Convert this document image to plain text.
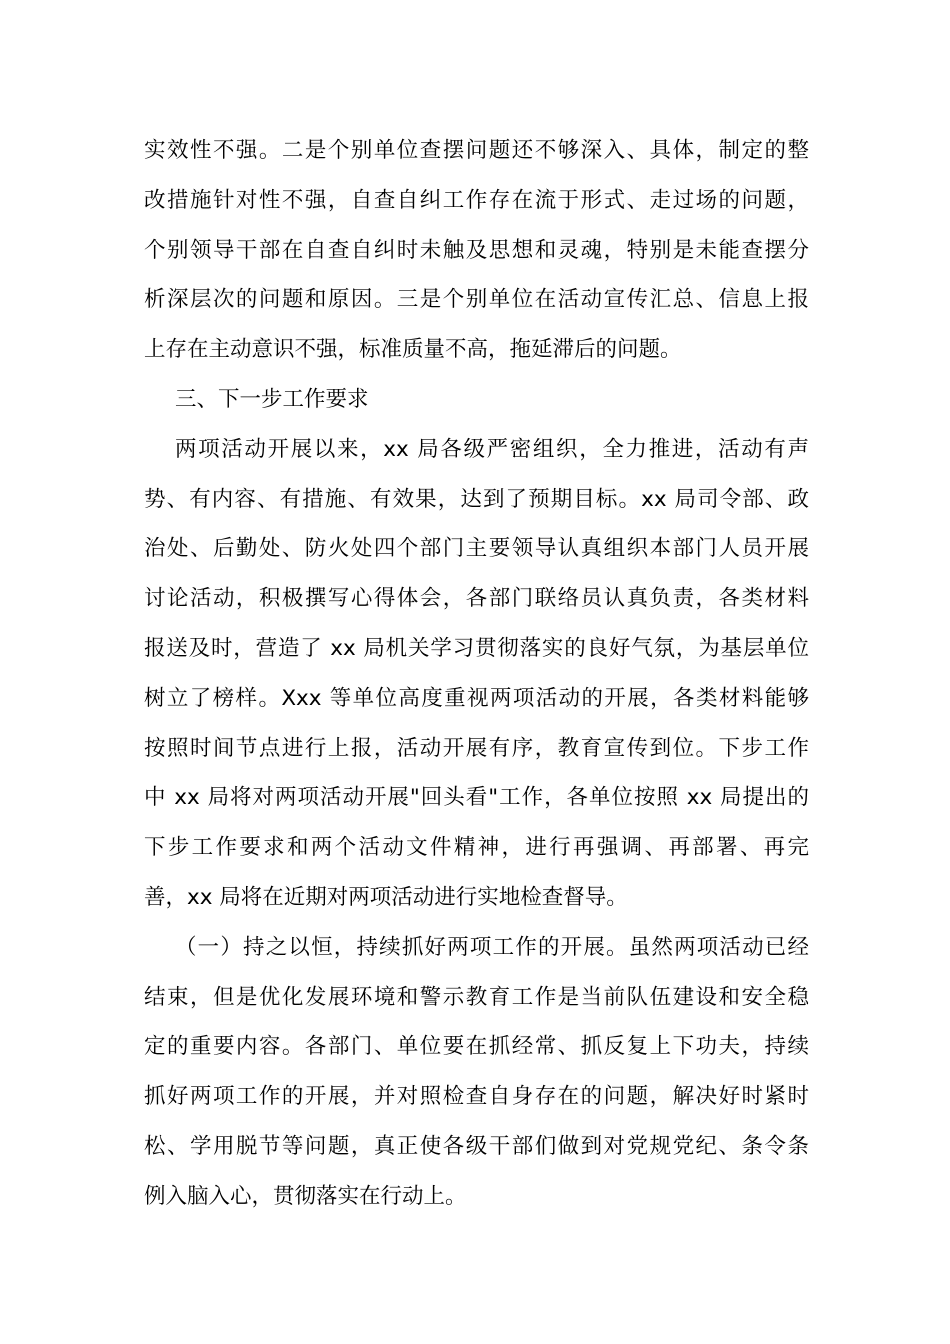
实效性不强。二是个别单位查摆问题还不够深入、具体，制定的整
改措施针对性不强，自查自纠工作存在流于形式、走过场的问题，
个别领导干部在自查自纠时未触及思想和灵魂，特别是未能查摆分
析深层次的问题和原因。三是个别单位在活动宣传汇总、信息上报
上存在主动意识不强，标准质量不高，拖延滞后的问题。
三、下一步工作要求
两项活动开展以来，xx 局各级严密组织，全力推进，活动有声
势、有内容、有措施、有效果，达到了预期目标。xx 局司令部、政
治处、后勤处、防火处四个部门主要领导认真组织本部门人员开展
讨论活动，积极撰写心得体会，各部门联络员认真负责，各类材料
报送及时，营造了 xx 局机关学习贯彻落实的良好气氛，为基层单位
树立了榜样。Xxx 等单位高度重视两项活动的开展，各类材料能够
按照时间节点进行上报，活动开展有序，教育宣传到位。下步工作
中 xx 局将对两项活动开展"回头看"工作，各单位按照 xx 局提出的
下步工作要求和两个活动文件精神，进行再强调、再部署、再完
善，xx 局将在近期对两项活动进行实地检查督导。
（一）持之以恒，持续抓好两项工作的开展。虽然两项活动已经
结束，但是优化发展环境和警示教育工作是当前队伍建设和安全稳
定的重要内容。各部门、单位要在抓经常、抓反复上下功夫，持续
抓好两项工作的开展，并对照检查自身存在的问题，解决好时紧时
松、学用脱节等问题，真正使各级干部们做到对党规党纪、条令条
例入脑入心，贯彻落实在行动上。
